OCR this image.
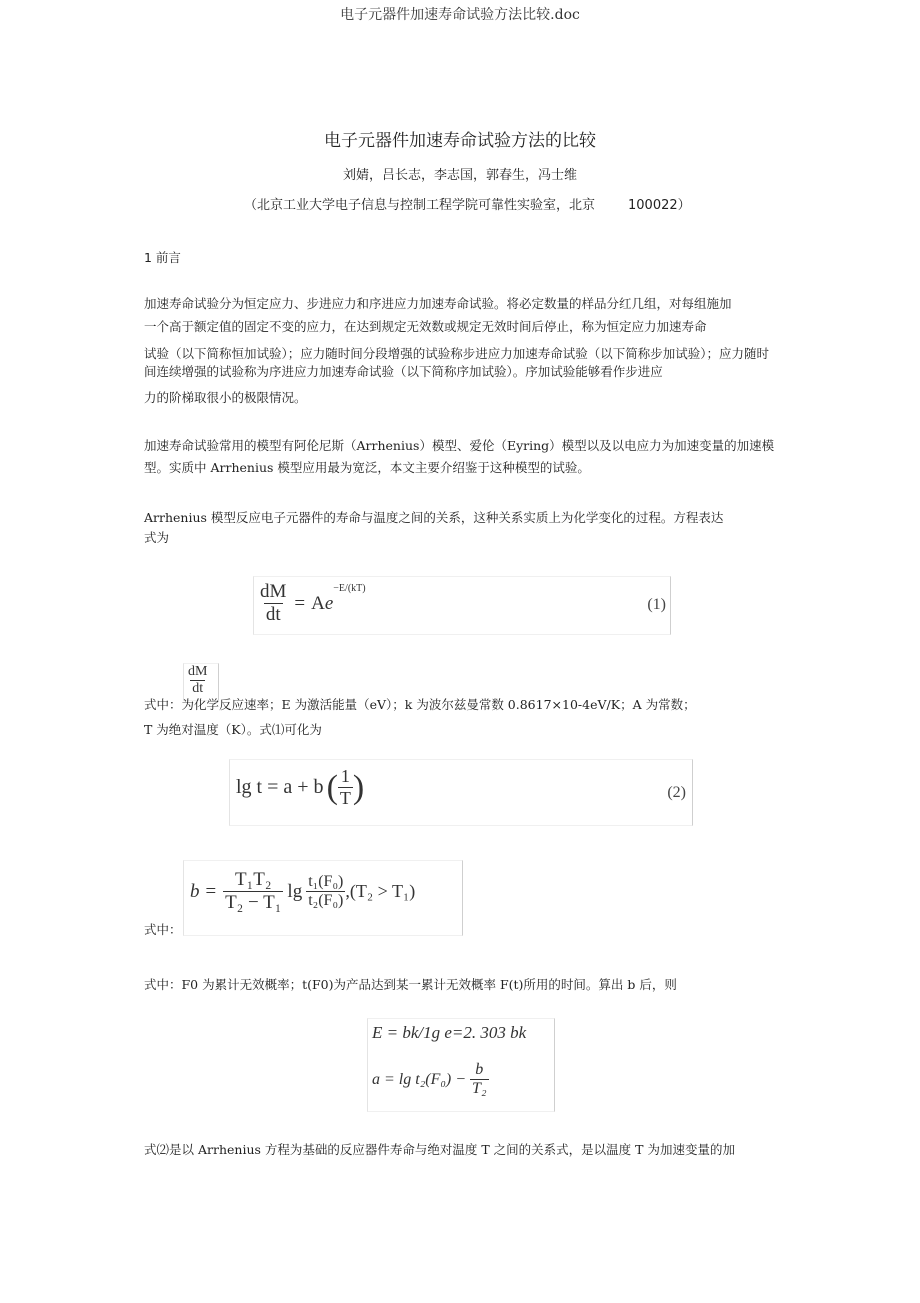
电子元器件加速寿命试验方法比较.doc
电子元器件加速寿命试验方法的比较
刘婧，吕长志，李志国，郭春生，冯士维
（北京工业大学电子信息与控制工程学院可靠性实验室，北京	100022）
1 前言
加速寿命试验分为恒定应力、步进应力和序进应力加速寿命试验。将必定数量的样品分红几组，对每组施加
一个高于额定值的固定不变的应力，在达到规定无效数或规定无效时间后停止，称为恒定应力加速寿命
试验（以下简称恒加试验）；应力随时间分段增强的试验称步进应力加速寿命试验（以下简称步加试验）；应力随时
间连续增强的试验称为序进应力加速寿命试验（以下简称序加试验）。序加试验能够看作步进应
力的阶梯取很小的极限情况。
加速寿命试验常用的模型有阿伦尼斯（Arrhenius）模型、爱伦（Eyring）模型以及以电应力为加速变量的加速模
型。实质中 Arrhenius 模型应用最为宽泛，本文主要介绍鉴于这种模型的试验。
Arrhenius 模型反应电子元器件的寿命与温度之间的关系，这种关系实质上为化学变化的过程。方程表达
式为
$\frac{dM}{dt} = A$ e
$^{-E/(kT)}$
(1)
$\frac{dM}{dt}$
式中：为 化学反应速率；E 为激活能量（eV）；k 为波尔兹曼常数 0.8617×10-4eV/K；A 为常数；
T 为绝对温度（K）。式⑴可化为
lg t = a + b ( $\frac{1}{T}$ )	(2)
式中：
$b = \frac{\text{T₁T₂}}{\text{T₂ − T₁}}$ $\lg \frac{\text{t₁(F₀)}}{\text{t₂(F₀)}} ,(T_2 > T_1)$
式中：F0 为累计无效概率；t(F0)为产品达到某一累计无效概率 F(t)所用的时间。算出 b 后，则
E = bk/1g e=2. 303 bk
$a = \lg t_2(F_0) - \frac{b}{\text{T₂}}$
式⑵是以 Arrhenius 方程为基础的反应器件寿命与绝对温度 T 之间的关系式，是以温度 T 为加速变量的加
